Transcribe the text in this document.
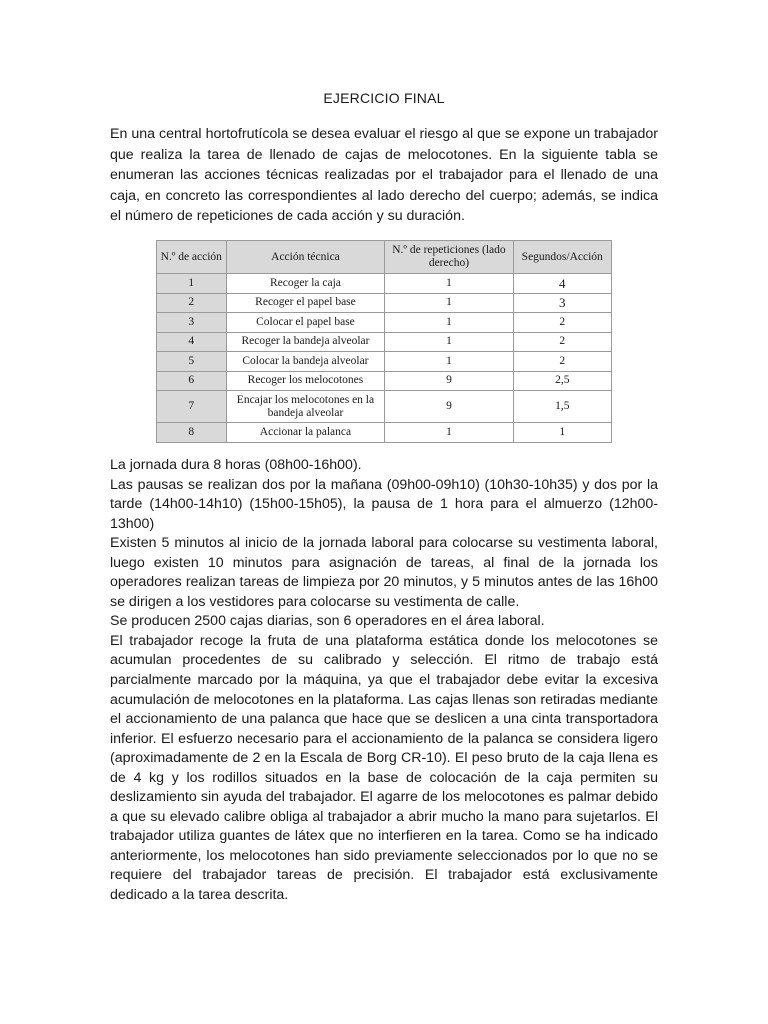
EJERCICIO FINAL

En una central hortofrutícola se desea evaluar el riesgo al que se expone un trabajador que realiza la tarea de llenado de cajas de melocotones. En la siguiente tabla se enumeran las acciones técnicas realizadas por el trabajador para el llenado de una caja, en concreto las correspondientes al lado derecho del cuerpo; además, se indica el número de repeticiones de cada acción y su duración.

N.º de acción	Acción técnica	N.º de repeticiones (lado derecho)	Segundos/Acción
1	Recoger la caja	1	4
2	Recoger el papel base	1	3
3	Colocar el papel base	1	2
4	Recoger la bandeja alveolar	1	2
5	Colocar la bandeja alveolar	1	2
6	Recoger los melocotones	9	2,5
7	Encajar los melocotones en la bandeja alveolar	9	1,5
8	Accionar la palanca	1	1

La jornada dura 8 horas (08h00-16h00).

Las pausas se realizan dos por la mañana (09h00-09h10) (10h30-10h35) y dos por la tarde (14h00-14h10) (15h00-15h05), la pausa de 1 hora para el almuerzo (12h00-13h00)

Existen 5 minutos al inicio de la jornada laboral para colocarse su vestimenta laboral, luego existen 10 minutos para asignación de tareas, al final de la jornada los operadores realizan tareas de limpieza por 20 minutos, y 5 minutos antes de las 16h00 se dirigen a los vestidores para colocarse su vestimenta de calle.

Se producen 2500 cajas diarias, son 6 operadores en el área laboral.

El trabajador recoge la fruta de una plataforma estática donde los melocotones se acumulan procedentes de su calibrado y selección. El ritmo de trabajo está parcialmente marcado por la máquina, ya que el trabajador debe evitar la excesiva acumulación de melocotones en la plataforma. Las cajas llenas son retiradas mediante el accionamiento de una palanca que hace que se deslicen a una cinta transportadora inferior. El esfuerzo necesario para el accionamiento de la palanca se considera ligero (aproximadamente de 2 en la Escala de Borg CR-10). El peso bruto de la caja llena es de 4 kg y los rodillos situados en la base de colocación de la caja permiten su deslizamiento sin ayuda del trabajador. El agarre de los melocotones es palmar debido a que su elevado calibre obliga al trabajador a abrir mucho la mano para sujetarlos. El trabajador utiliza guantes de látex que no interfieren en la tarea. Como se ha indicado anteriormente, los melocotones han sido previamente seleccionados por lo que no se requiere del trabajador tareas de precisión. El trabajador está exclusivamente dedicado a la tarea descrita.
